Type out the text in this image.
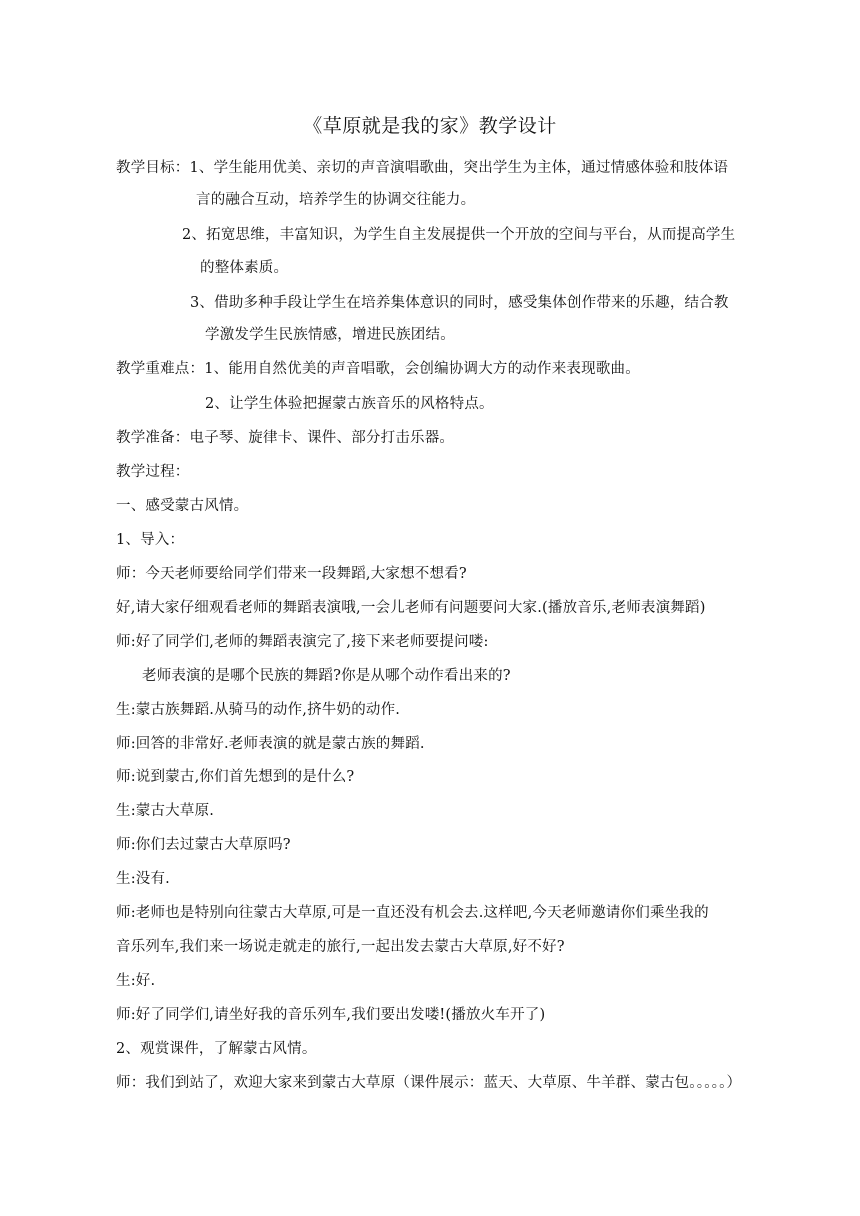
《草原就是我的家》教学设计
教学目标：1、学生能用优美、亲切的声音演唱歌曲，突出学生为主体，通过情感体验和肢体语
言的融合互动，培养学生的协调交往能力。
2、拓宽思维，丰富知识，为学生自主发展提供一个开放的空间与平台，从而提高学生
的整体素质。
3、借助多种手段让学生在培养集体意识的同时，感受集体创作带来的乐趣，结合教
学激发学生民族情感，增进民族团结。
教学重难点：1、能用自然优美的声音唱歌，会创编协调大方的动作来表现歌曲。
2、让学生体验把握蒙古族音乐的风格特点。
教学准备：电子琴、旋律卡、课件、部分打击乐器。
教学过程：
一、感受蒙古风情。
1、导入：
师：今天老师要给同学们带来一段舞蹈,大家想不想看?
好,请大家仔细观看老师的舞蹈表演哦,一会儿老师有问题要问大家.(播放音乐,老师表演舞蹈)
师:好了同学们,老师的舞蹈表演完了,接下来老师要提问喽:
老师表演的是哪个民族的舞蹈?你是从哪个动作看出来的?
生:蒙古族舞蹈.从骑马的动作,挤牛奶的动作.
师:回答的非常好.老师表演的就是蒙古族的舞蹈.
师:说到蒙古,你们首先想到的是什么?
生:蒙古大草原.
师:你们去过蒙古大草原吗?
生:没有.
师:老师也是特别向往蒙古大草原,可是一直还没有机会去.这样吧,今天老师邀请你们乘坐我的
音乐列车,我们来一场说走就走的旅行,一起出发去蒙古大草原,好不好?
生:好.
师:好了同学们,请坐好我的音乐列车,我们要出发喽!(播放火车开了)
2、观赏课件，了解蒙古风情。
师：我们到站了，欢迎大家来到蒙古大草原（课件展示：蓝天、大草原、牛羊群、蒙古包。。。。。）
